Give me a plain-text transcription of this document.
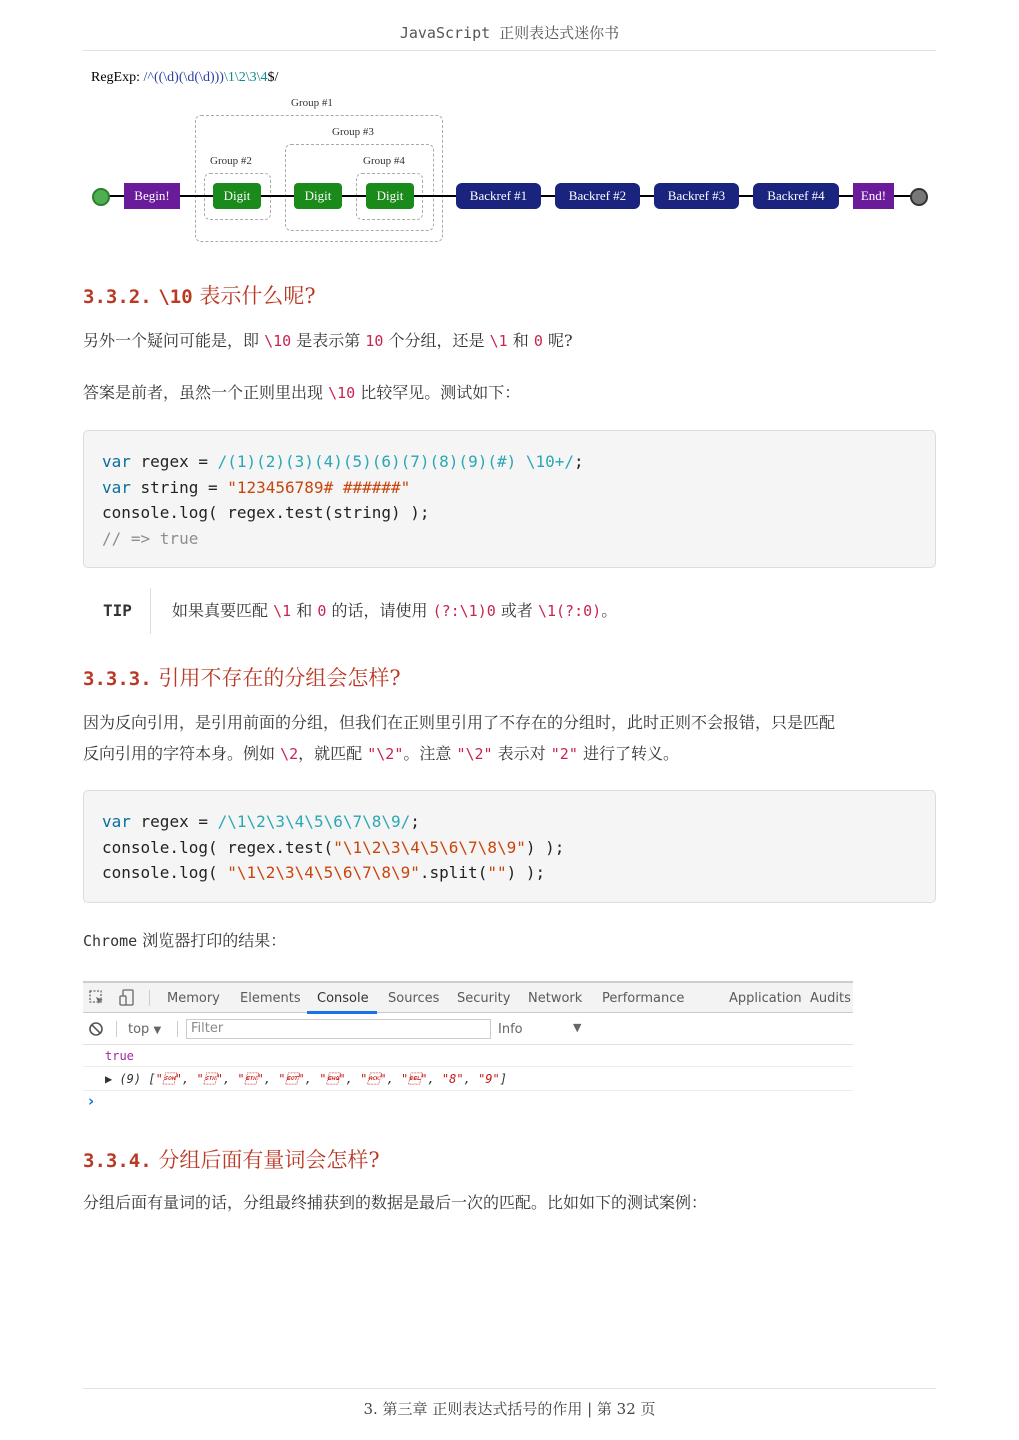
JavaScript 正则表达式迷你书
RegExp: /^((\d)(\d(\d)))\1\2\3\4$/
Group #1
Group #2
Group #3
Group #4
Begin!	Digit	Digit	Digit	Backref #1	Backref #2	Backref #3	Backref #4	End!
3.3.2. \10 表示什么呢?

另外一个疑问可能是，即 \10 是表示第 10 个分组，还是 \1 和 0 呢?

答案是前者，虽然一个正则里出现 \10 比较罕见。测试如下：

var regex = /(1)(2)(3)(4)(5)(6)(7)(8)(9)(#) \10+/;
var string = "123456789# ######"
console.log( regex.test(string) );
// => true
TIP	如果真要匹配 \1 和 0 的话，请使用 (?:\1)0 或者 \1(?:0)。

3.3.3. 引用不存在的分组会怎样?

因为反向引用，是引用前面的分组，但我们在正则里引用了不存在的分组时，此时正则不会报错，只是匹配
反向引用的字符本身。例如 \2，就匹配 "\2"。注意 "\2" 表示对 "2" 进行了转义。

var regex = /\1\2\3\4\5\6\7\8\9/;
console.log( regex.test("\1\2\3\4\5\6\7\8\9") );
console.log( "\1\2\3\4\5\6\7\8\9".split("") );

Chrome 浏览器打印的结果：

Memory Elements Console Sources Security Network Performance	Application Audits
top ▼ Filter	Info	▼
true
▶ (9) ["", "", "", "", "", "", "", "8", "9"]
›
3.3.4. 分组后面有量词会怎样?

分组后面有量词的话，分组最终捕获到的数据是最后一次的匹配。比如如下的测试案例：

3. 第三章 正则表达式括号的作用 | 第 32 页
